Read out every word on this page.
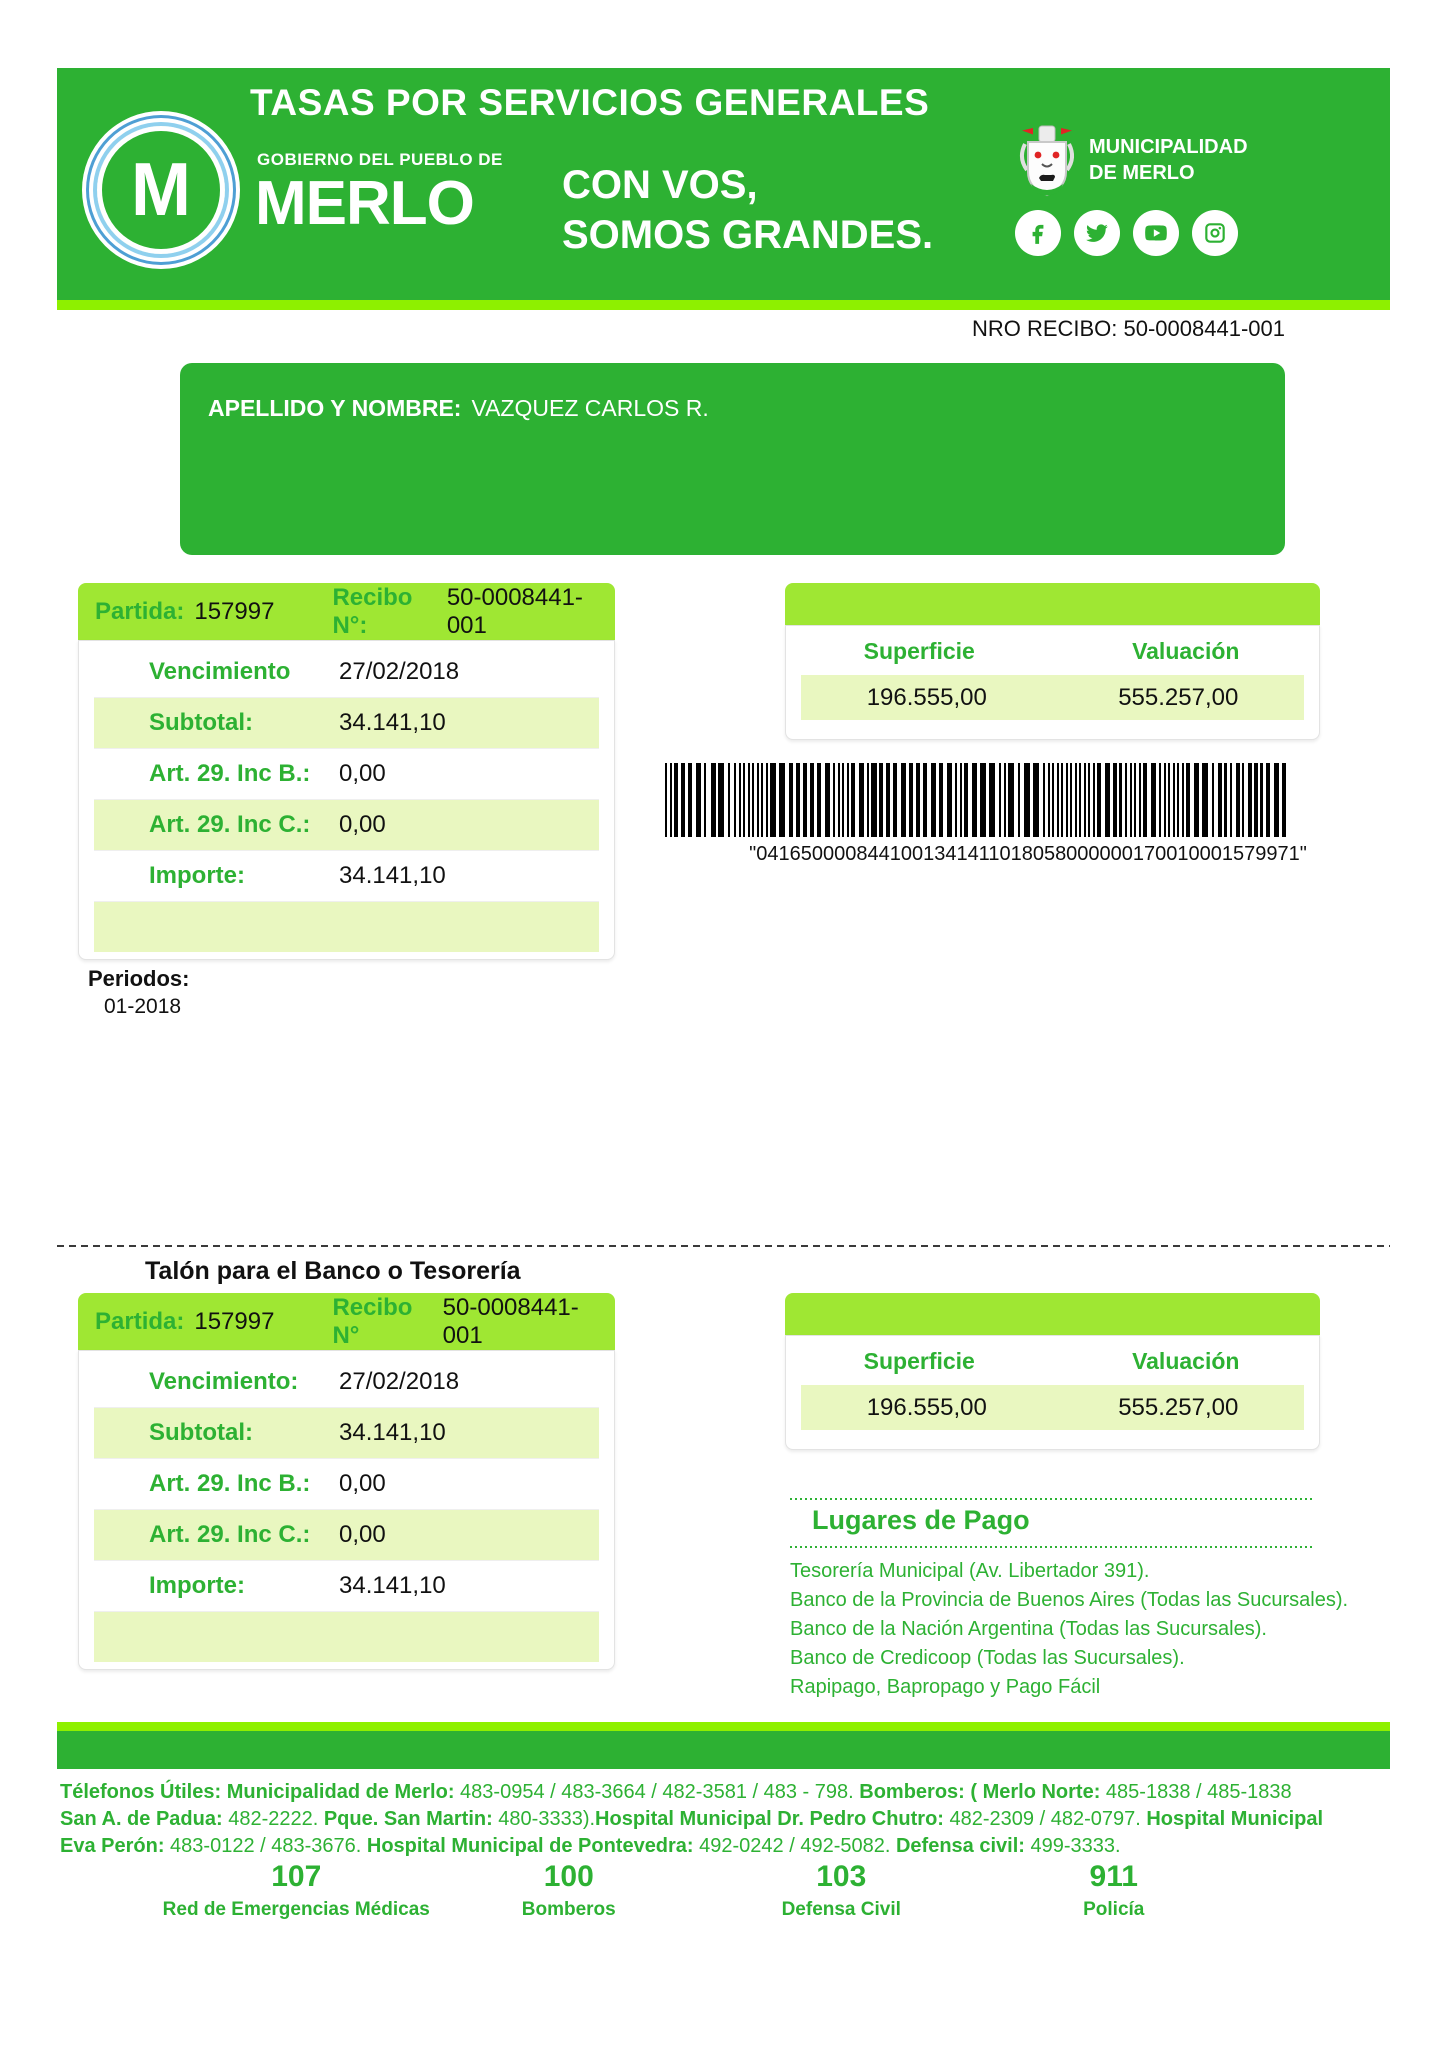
TASAS POR SERVICIOS GENERALES
M	GOBIERNO DEL PUEBLO DE
MERLO CON VOS,
SOMOS GRANDES.
MUNICIPALIDAD
DE MERLO
NRO RECIBO: 50-0008441-001
APELLIDO Y NOMBRE: VAZQUEZ CARLOS R.
Partida: 157997
Recibo N°:
50-0008441-001
Vencimiento	27/02/2018
Subtotal:	34.141,10
Art. 29. Inc B.:	0,00
Art. 29. Inc C.:	0,00
Importe:	34.141,10
Superficie	Valuación
196.555,00	555.257,00
"0416500008441001341411018058000000170010001579971"
Periodos:
01-2018
Talón para el Banco o Tesorería
Partida: 157997
Recibo N°
50-0008441-001
Vencimiento:	27/02/2018
Subtotal:	34.141,10
Art. 29. Inc B.:	0,00
Art. 29. Inc C.:	0,00
Importe:	34.141,10
Superficie	Valuación
196.555,00	555.257,00
Lugares de Pago
Tesorería Municipal (Av. Libertador 391).
Banco de la Provincia de Buenos Aires (Todas las Sucursales).
Banco de la Nación Argentina (Todas las Sucursales).
Banco de Credicoop (Todas las Sucursales).
Rapipago, Bapropago y Pago Fácil
Télefonos Útiles: Municipalidad de Merlo: 483-0954 / 483-3664 / 482-3581 / 483 - 798. Bomberos: ( Merlo Norte: 485-1838 / 485-1838
San A. de Padua: 482-2222. Pque. San Martin: 480-3333).Hospital Municipal Dr. Pedro Chutro: 482-2309 / 482-0797. Hospital Municipal
Eva Perón: 483-0122 / 483-3676. Hospital Municipal de Pontevedra: 492-0242 / 492-5082. Defensa civil: 499-3333.
107
Red de Emergencias Médicas
100
Bomberos
103
Defensa Civil
911
Policía
